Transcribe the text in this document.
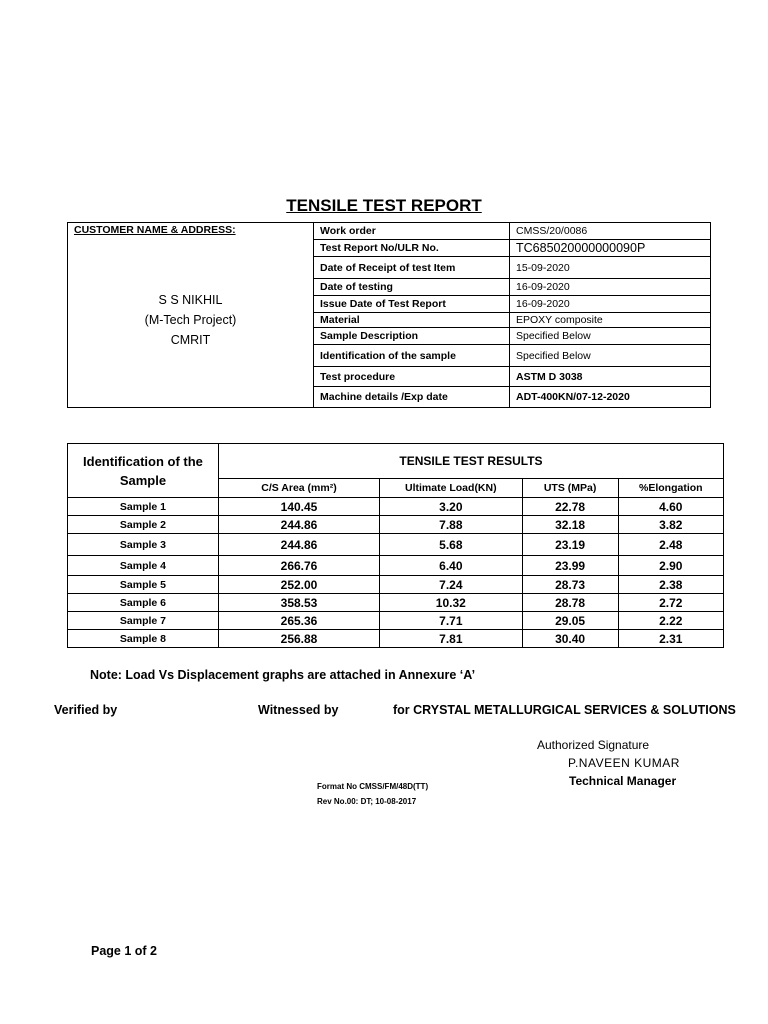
TENSILE TEST REPORT
CUSTOMER NAME & ADDRESS:
S S NIKHIL
(M-Tech Project)
CMRIT	Work order	CMSS/20/0086
	Test Report No/ULR No.	TC685020000000090P
	Date of Receipt of test Item	15-09-2020
	Date of testing	16-09-2020
	Issue Date of Test Report	16-09-2020
	Material	EPOXY composite
	Sample Description	Specified Below
	Identification of the sample	Specified Below
	Test procedure	ASTM D 3038
	Machine details /Exp date	ADT-400KN/07-12-2020
Identification of the Sample	TENSILE TEST RESULTS			
	C/S Area (mm²)	Ultimate Load(KN)	UTS (MPa)	%Elongation
Sample 1	140.45	3.20	22.78	4.60
Sample 2	244.86	7.88	32.18	3.82
Sample 3	244.86	5.68	23.19	2.48
Sample 4	266.76	6.40	23.99	2.90
Sample 5	252.00	7.24	28.73	2.38
Sample 6	358.53	10.32	28.78	2.72
Sample 7	265.36	7.71	29.05	2.22
Sample 8	256.88	7.81	30.40	2.31
Note: Load Vs Displacement graphs are attached in Annexure ‘A’
Verified by	Witnessed by	for CRYSTAL METALLURGICAL SERVICES & SOLUTIONS
Authorized Signature
P.NAVEEN KUMAR
Technical Manager
Format No CMSS/FM/48D(TT)
Rev No.00: DT; 10-08-2017
Page 1 of 2
